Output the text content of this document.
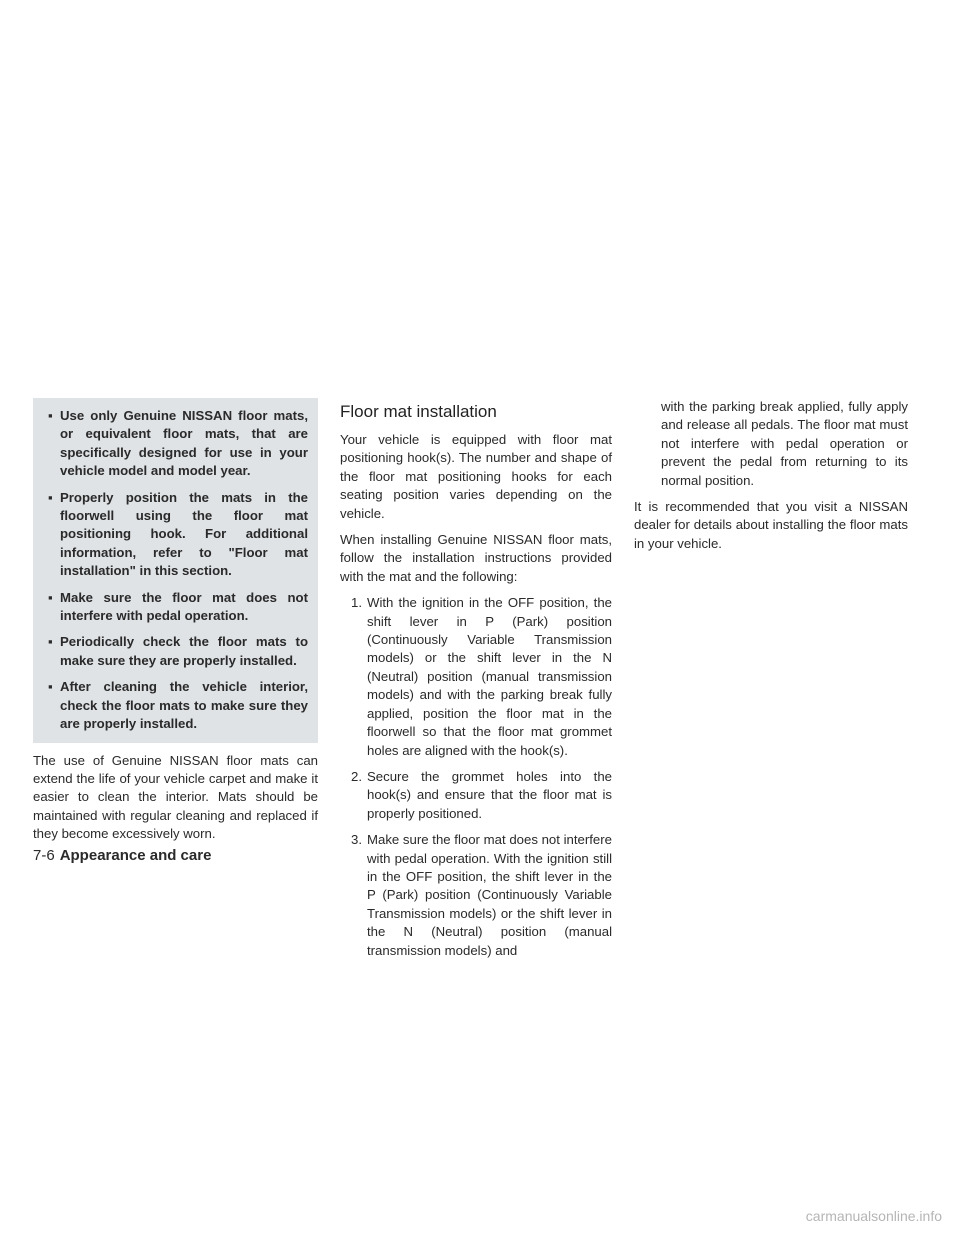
▪ Use only Genuine NISSAN floor mats, or equivalent floor mats, that are specifically designed for use in your vehicle model and model year.
▪ Properly position the mats in the floorwell using the floor mat positioning hook. For additional information, refer to "Floor mat installation" in this section.
▪ Make sure the floor mat does not interfere with pedal operation.
▪ Periodically check the floor mats to make sure they are properly installed.
▪ After cleaning the vehicle interior, check the floor mats to make sure they are properly installed.

The use of Genuine NISSAN floor mats can extend the life of your vehicle carpet and make it easier to clean the interior. Mats should be maintained with regular cleaning and replaced if they become excessively worn.

Floor mat installation

Your vehicle is equipped with floor mat positioning hook(s). The number and shape of the floor mat positioning hooks for each seating position varies depending on the vehicle.

When installing Genuine NISSAN floor mats, follow the installation instructions provided with the mat and the following:

1. With the ignition in the OFF position, the shift lever in P (Park) position (Continuously Variable Transmission models) or the shift lever in the N (Neutral) position (manual transmission models) and with the parking break fully applied, position the floor mat in the floorwell so that the floor mat grommet holes are aligned with the hook(s).
2. Secure the grommet holes into the hook(s) and ensure that the floor mat is properly positioned.
3. Make sure the floor mat does not interfere with pedal operation. With the ignition still in the OFF position, the shift lever in the P (Park) position (Continuously Variable Transmission models) or the shift lever in the N (Neutral) position (manual transmission models) and
with the parking break applied, fully apply and release all pedals. The floor mat must not interfere with pedal operation or prevent the pedal from returning to its normal position.

It is recommended that you visit a NISSAN dealer for details about installing the floor mats in your vehicle.

7-6 Appearance and care
carmanualsonline.info
